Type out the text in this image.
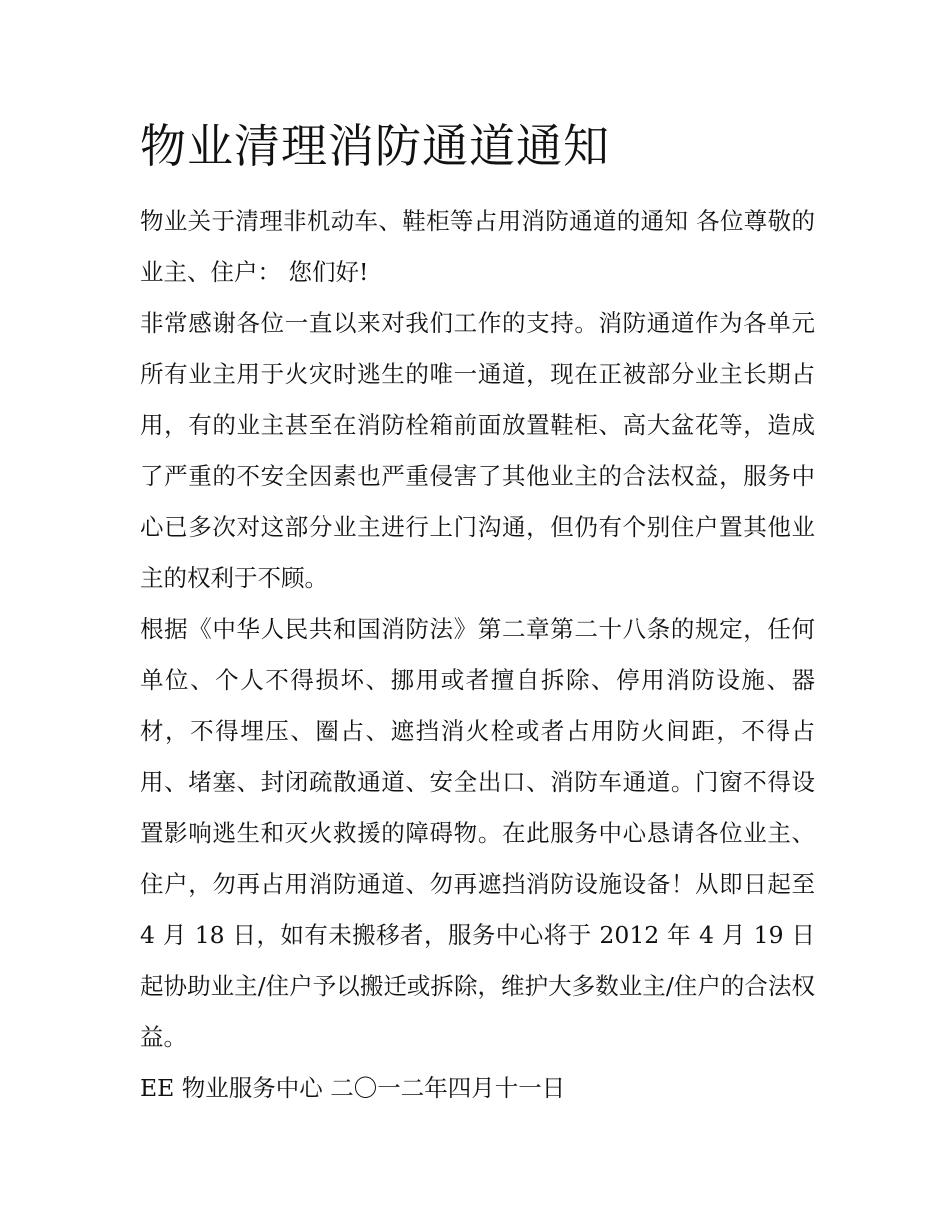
物业清理消防通道通知

物业关于清理非机动车、鞋柜等占用消防通道的通知 各位尊敬的业主、住户： 您们好!

非常感谢各位一直以来对我们工作的支持。消防通道作为各单元所有业主用于火灾时逃生的唯一通道，现在正被部分业主长期占用，有的业主甚至在消防栓箱前面放置鞋柜、高大盆花等，造成了严重的不安全因素也严重侵害了其他业主的合法权益，服务中心已多次对这部分业主进行上门沟通，但仍有个别住户置其他业主的权利于不顾。

根据《中华人民共和国消防法》第二章第二十八条的规定，任何单位、个人不得损坏、挪用或者擅自拆除、停用消防设施、器材，不得埋压、圈占、遮挡消火栓或者占用防火间距，不得占用、堵塞、封闭疏散通道、安全出口、消防车通道。门窗不得设置影响逃生和灭火救援的障碍物。在此服务中心恳请各位业主、住户，勿再占用消防通道、勿再遮挡消防设施设备！从即日起至 4 月 18 日，如有未搬移者，服务中心将于 2012 年 4 月 19 日起协助业主/住户予以搬迁或拆除，维护大多数业主/住户的合法权益。

EE 物业服务中心 二〇一二年四月十一日
